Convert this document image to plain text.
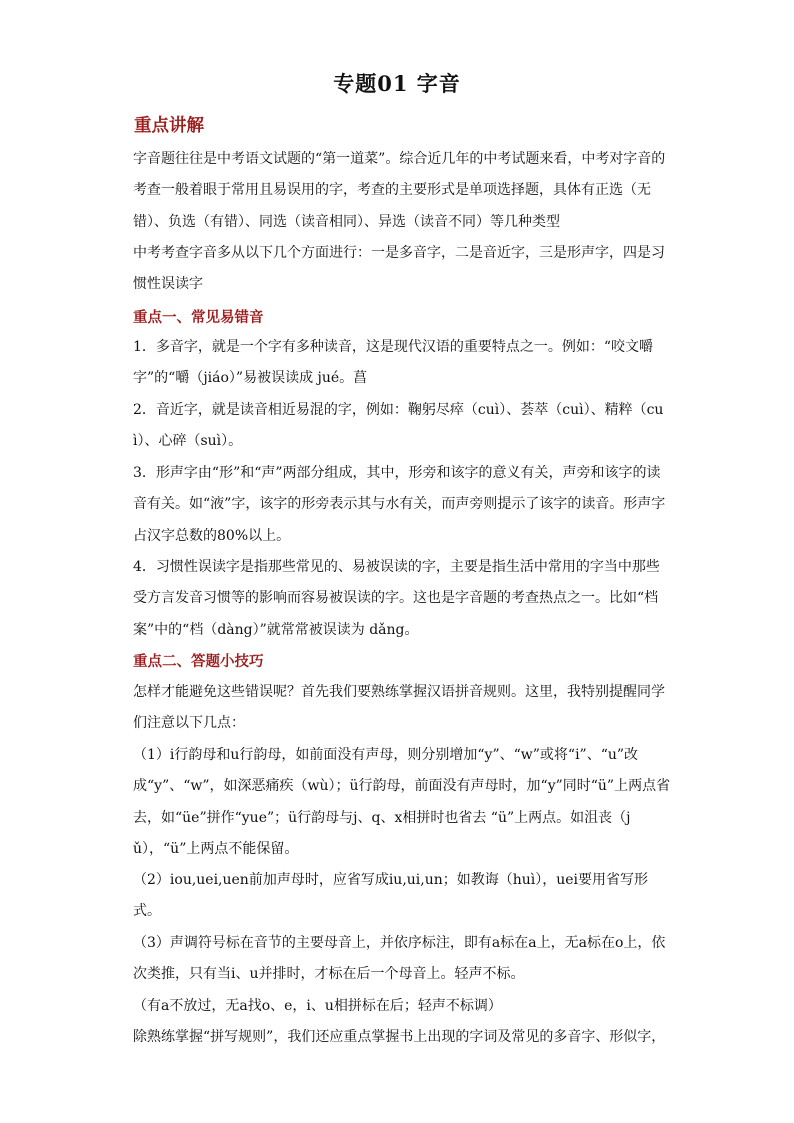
专题01 字音
重点讲解
字音题往往是中考语文试题的“第一道菜”。综合近几年的中考试题来看，中考对字音的考查一般着眼于常用且易误用的字，考查的主要形式是单项选择题，具体有正选（无错）、负选（有错）、同选（读音相同）、异选（读音不同）等几种类型
中考考查字音多从以下几个方面进行：一是多音字，二是音近字，三是形声字，四是习惯性误读字
重点一、常见易错音
1．多音字，就是一个字有多种读音，这是现代汉语的重要特点之一。例如：“咬文嚼字”的“嚼（jiáo）”易被误读成 jué。菖
2．音近字，就是读音相近易混的字，例如：鞠躬尽瘁（cuì）、荟萃（cuì）、精粹（cuì）、心碎（suì）。
3．形声字由“形”和“声”两部分组成，其中，形旁和该字的意义有关，声旁和该字的读音有关。如“液”字，该字的形旁表示其与水有关，而声旁则提示了该字的读音。形声字占汉字总数的80%以上。
4．习惯性误读字是指那些常见的、易被误读的字，主要是指生活中常用的字当中那些受方言发音习惯等的影响而容易被误读的字。这也是字音题的考查热点之一。比如“档案”中的“档（dàng）”就常常被误读为 dǎng。
重点二、答题小技巧
怎样才能避免这些错误呢？首先我们要熟练掌握汉语拼音规则。这里，我特别提醒同学们注意以下几点：
（1）i行韵母和u行韵母，如前面没有声母，则分别增加“y”、“w”或将“i”、“u”改成“y”、“w”，如深恶痛疾（wù）；ü行韵母，前面没有声母时，加“y”同时“ü”上两点省去，如“üe”拼作“yue”；ü行韵母与j、q、x相拼时也省去 “ü”上两点。如沮丧（jǔ），“ü”上两点不能保留。
（2）iou,uei,uen前加声母时，应省写成iu,ui,un；如教诲（huì），uei要用省写形式。
（3）声调符号标在音节的主要母音上，并依序标注，即有a标在a上，无a标在o上，依次类推，只有当i、u并排时，才标在后一个母音上。轻声不标。
（有a不放过，无a找o、e，i、u相拼标在后；轻声不标调）
除熟练掌握“拼写规则”，我们还应重点掌握书上出现的字词及常见的多音字、形似字，
